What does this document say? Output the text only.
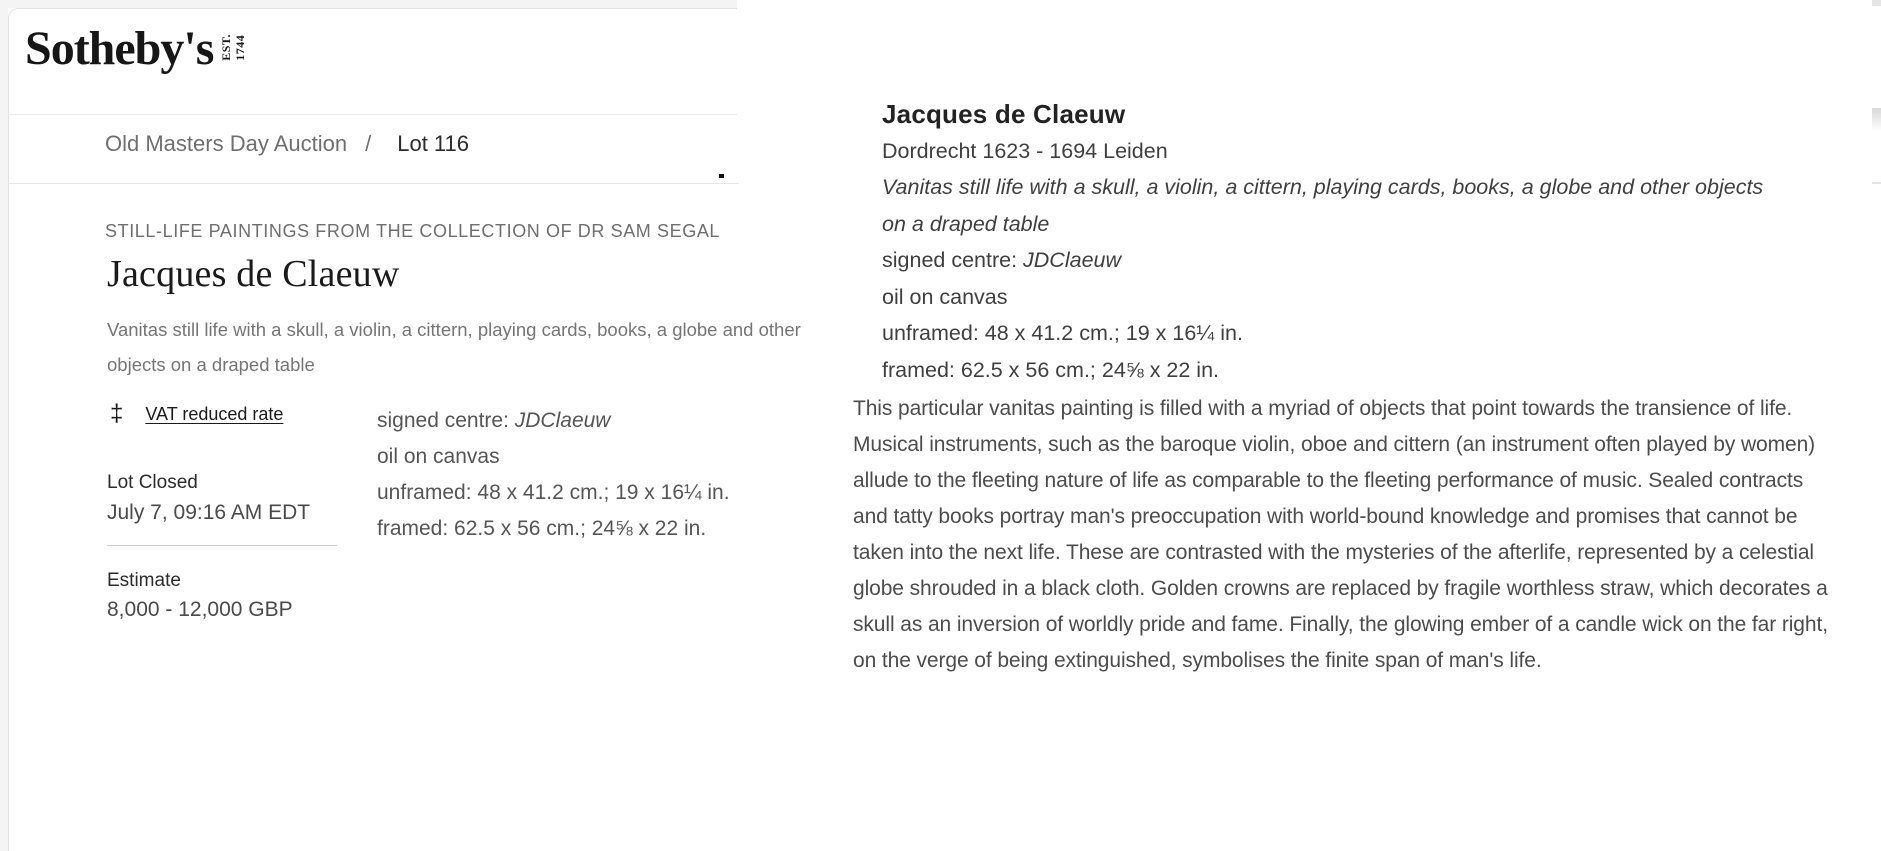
Sotheby's EST.
1744
Old Masters Day Auction / Lot 116
STILL-LIFE PAINTINGS FROM THE COLLECTION OF DR SAM SEGAL
Jacques de Claeuw
Vanitas still life with a skull, a violin, a cittern, playing cards, books, a globe and other objects on a draped table
‡ VAT reduced rate
Lot Closed
July 7, 09:16 AM EDT
Estimate
8,000 - 12,000 GBP
signed centre: JDClaeuw
oil on canvas
unframed: 48 x 41.2 cm.; 19 x 16¼ in.
framed: 62.5 x 56 cm.; 24⅝ x 22 in.
Jacques de Claeuw
Dordrecht 1623 - 1694 Leiden
Vanitas still life with a skull, a violin, a cittern, playing cards, books, a globe and other objects on a draped table
signed centre: JDClaeuw
oil on canvas
unframed: 48 x 41.2 cm.; 19 x 16¼ in.
framed: 62.5 x 56 cm.; 24⅝ x 22 in.

This particular vanitas painting is filled with a myriad of objects that point towards the transience of life. Musical instruments, such as the baroque violin, oboe and cittern (an instrument often played by women) allude to the fleeting nature of life as comparable to the fleeting performance of music. Sealed contracts and tatty books portray man's preoccupation with world-bound knowledge and promises that cannot be taken into the next life. These are contrasted with the mysteries of the afterlife, represented by a celestial globe shrouded in a black cloth. Golden crowns are replaced by fragile worthless straw, which decorates a skull as an inversion of worldly pride and fame. Finally, the glowing ember of a candle wick on the far right, on the verge of being extinguished, symbolises the finite span of man's life.
